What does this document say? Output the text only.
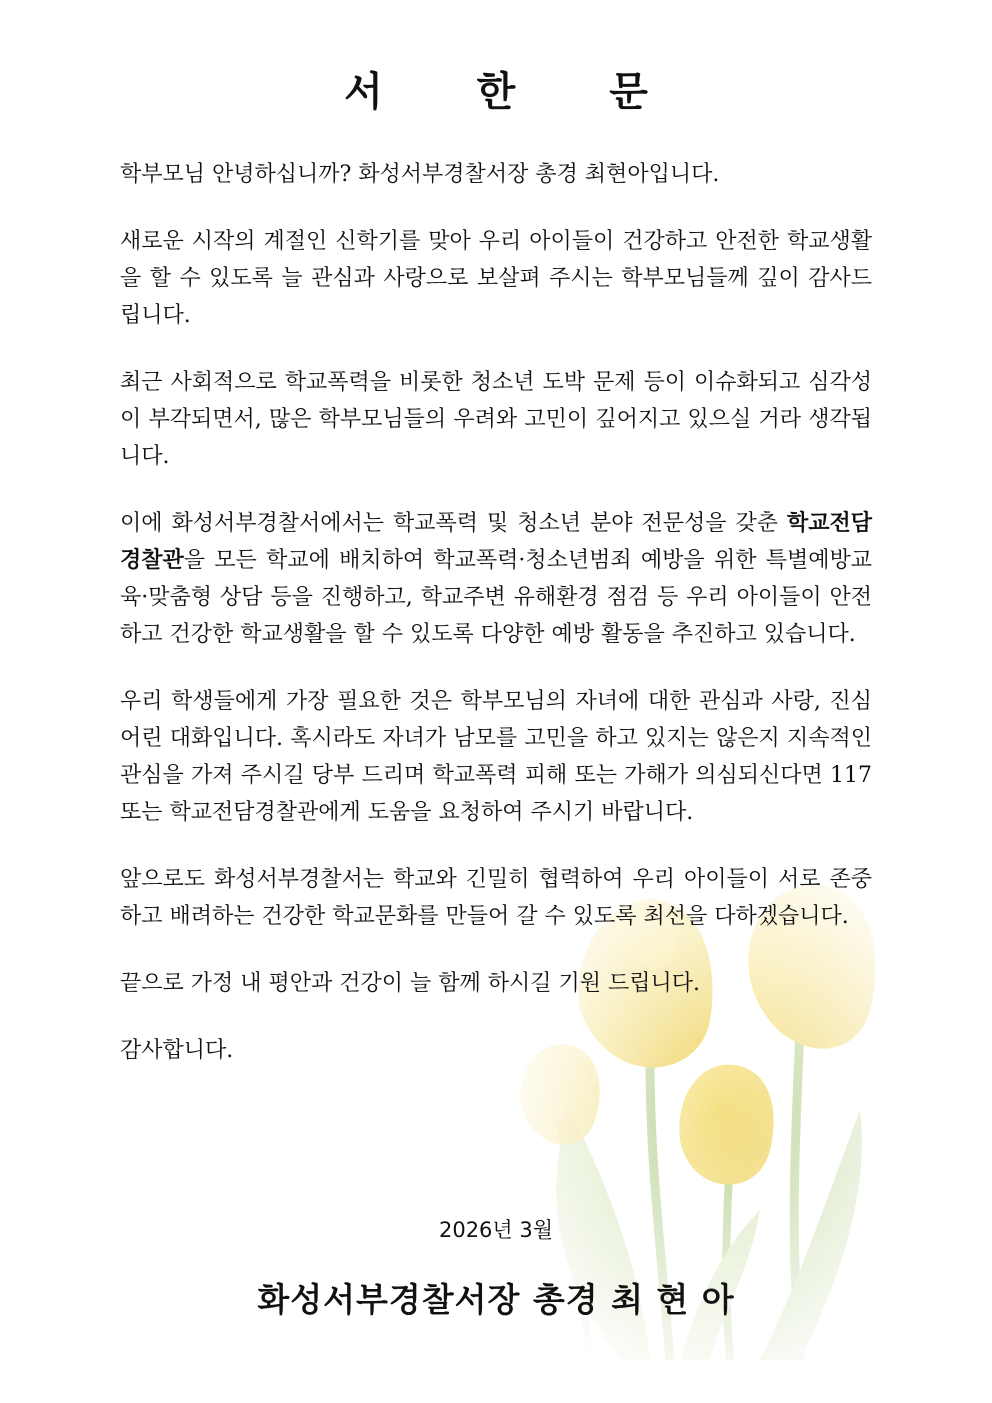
서 한 문

학부모님 안녕하십니까? 화성서부경찰서장 총경 최현아입니다.

새로운 시작의 계절인 신학기를 맞아 우리 아이들이 건강하고 안전한 학교생활을 할 수 있도록 늘 관심과 사랑으로 보살펴 주시는 학부모님들께 깊이 감사드립니다.

최근 사회적으로 학교폭력을 비롯한 청소년 도박 문제 등이 이슈화되고 심각성이 부각되면서, 많은 학부모님들의 우려와 고민이 깊어지고 있으실 거라 생각됩니다.

이에 화성서부경찰서에서는 학교폭력 및 청소년 분야 전문성을 갖춘 학교전담경찰관을 모든 학교에 배치하여 학교폭력·청소년범죄 예방을 위한 특별예방교육·맞춤형 상담 등을 진행하고, 학교주변 유해환경 점검 등 우리 아이들이 안전하고 건강한 학교생활을 할 수 있도록 다양한 예방 활동을 추진하고 있습니다.

우리 학생들에게 가장 필요한 것은 학부모님의 자녀에 대한 관심과 사랑, 진심어린 대화입니다. 혹시라도 자녀가 남모를 고민을 하고 있지는 않은지 지속적인 관심을 가져 주시길 당부 드리며 학교폭력 피해 또는 가해가 의심되신다면 117 또는 학교전담경찰관에게 도움을 요청하여 주시기 바랍니다.

앞으로도 화성서부경찰서는 학교와 긴밀히 협력하여 우리 아이들이 서로 존중하고 배려하는 건강한 학교문화를 만들어 갈 수 있도록 최선을 다하겠습니다.

끝으로 가정 내 평안과 건강이 늘 함께 하시길 기원 드립니다.

감사합니다.

2026년 3월
화성서부경찰서장 총경 최 현 아
